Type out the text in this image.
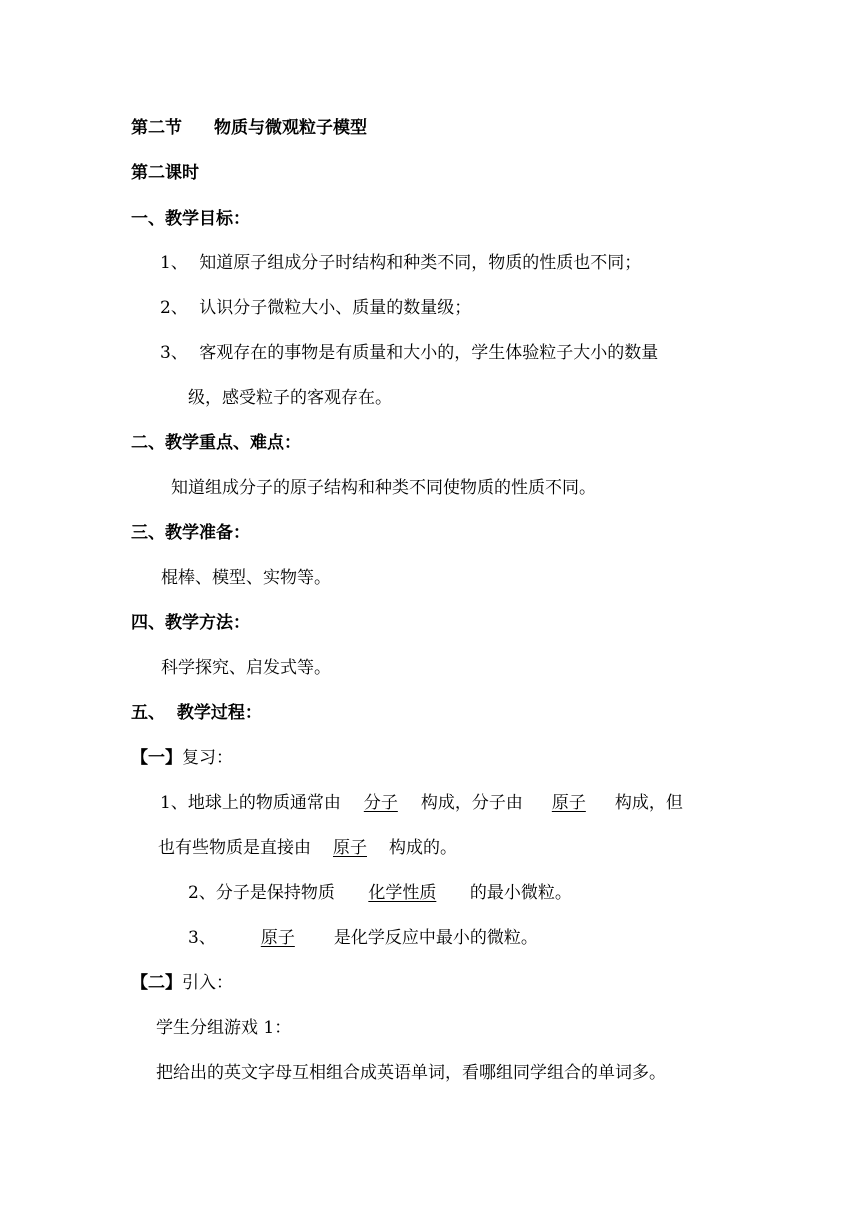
第二节 物质与微观粒子模型
第二课时
一、教学目标：
1、 知道原子组成分子时结构和种类不同，物质的性质也不同；
2、 认识分子微粒大小、质量的数量级；
3、 客观存在的事物是有质量和大小的，学生体验粒子大小的数量
级，感受粒子的客观存在。
二、教学重点、难点：
知道组成分子的原子结构和种类不同使物质的性质不同。
三、教学准备：
棍棒、模型、实物等。
四、教学方法：
科学探究、启发式等。
五、 教学过程：
【一】复习：
1、地球上的物质通常由 分子 构成，分子由 原子 构成，但
也有些物质是直接由 原子 构成的。
2、分子是保持物质 化学性质 的最小微粒。
3、	原子 是化学反应中最小的微粒。
【二】引入：
学生分组游戏 1：
把给出的英文字母互相组合成英语单词，看哪组同学组合的单词多。
